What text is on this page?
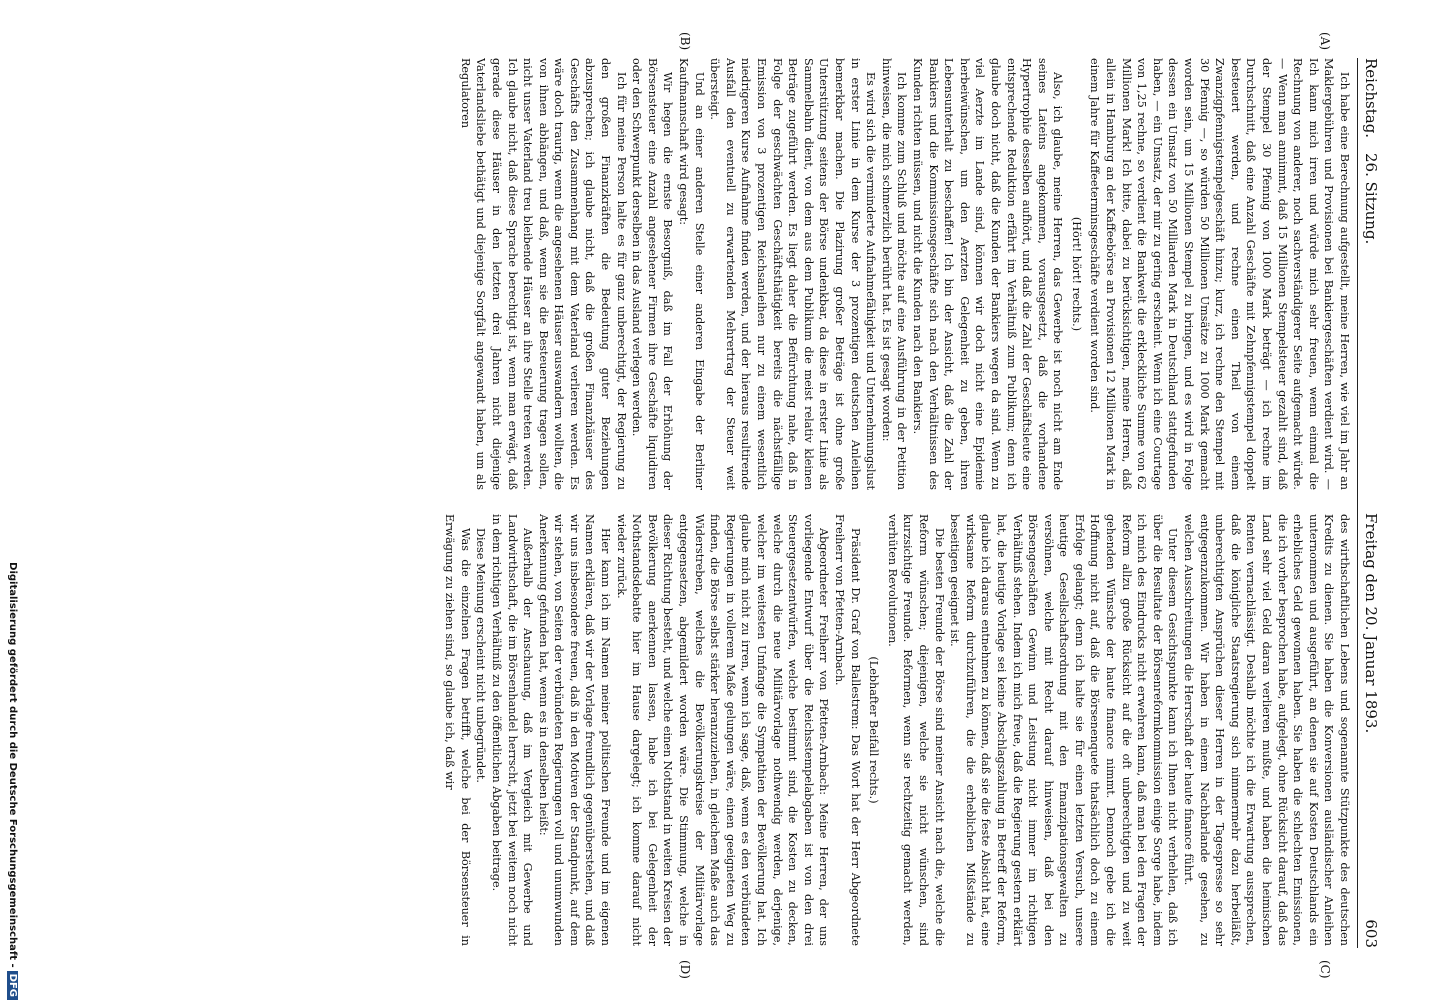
Reichstag.
26. Sitzung.
Freitag den 20. Januar 1893.
603
(A)
(B)
(C)
(D)

Ich habe eine Berechnung aufgestellt, meine Herren, wie viel im Jahr an Maklergebühren und Provisionen bei Bankiergeschäften verdient wird. — Ich kann mich irren und würde mich sehr freuen, wenn einmal die Rechnung von anderer, noch sachverständigerer Seite aufgemacht würde. — Wenn man annimmt, daß 15 Millionen Stempelsteuer gezahlt sind, daß der Stempel 30 Pfennig von 1000 Mark beträgt — ich rechne im Durchschnitt, daß eine Anzahl Geschäfte mit Zehnpfennigstempel doppelt besteuert werden, und rechne einen Theil von einem Zwanzigpfennigstempelgeschäft hinzu; kurz, ich rechne den Stempel mit 30 Pfennig —, so würden 50 Millionen Umsätze zu 1000 Mark gemacht worden sein, um 15 Millionen Stempel zu bringen, und es wird in Folge dessen ein Umsatz von 50 Milliarden Mark in Deutschland stattgefunden haben, — ein Umsatz, der mir zu gering erscheint. Wenn ich eine Courtage von 1,25 rechne, so verdient die Bankwelt die erkleckliche Summe von 62 Millionen Mark! Ich bitte, dabei zu berücksichtigen, meine Herren, daß allein in Hamburg an der Kaffeebörse an Provisionen 12 Millionen Mark in einem Jahre für Kaffeeterminsgeschäfte verdient worden sind.

(Hört! hört! rechts.)

Also, ich glaube, meine Herren, das Gewerbe ist noch nicht am Ende seines Lateins angekommen, vorausgesetzt, daß die vorhandene Hypertrophie desselben aufhört, und daß die Zahl der Geschäftsleute eine entsprechende Reduktion erfährt im Verhältniß zum Publikum; denn ich glaube doch nicht, daß die Kunden der Bankiers wegen da sind. Wenn zu viel Aerzte im Lande sind, können wir doch nicht eine Epidemie herbeiwünschen, um den Aerzten Gelegenheit zu geben, ihren Lebensunterhalt zu beschaffen! Ich bin der Ansicht, daß die Zahl der Bankiers und die Kommissionsgeschäfte sich nach den Verhältnissen des Kunden richten müssen, und nicht die Kunden nach den Bankiers.

Ich komme zum Schluß und möchte auf eine Ausführung in der Petition hinweisen, die mich schmerzlich berührt hat. Es ist gesagt worden:

Es wird sich die verminderte Aufnahmefähigkeit und Unternehmungslust in erster Linie in dem Kurse der 3 prozentigen deutschen Anleihen bemerkbar machen. Die Plazirung großer Beträge ist ohne große Unterstützung seitens der Börse undenkbar, da diese in erster Linie als Sammelbahn dient, von dem aus dem Publikum die meist relativ kleinen Beträge zugeführt werden. Es liegt daher die Befürchtung nahe, daß in Folge der geschwächten Geschäftsthätigkeit bereits die nächstfällige Emission von 3 prozentigen Reichsanleihen nur zu einem wesentlich niedrigeren Kurse Aufnahme finden werden, und der hieraus resultirende Ausfall den eventuell zu erwartenden Mehrertrag der Steuer weit übersteigt.

Und an einer anderen Stelle einer anderen Eingabe der Berliner Kaufmannschaft wird gesagt:

Wir hegen die ernste Besorgniß, daß im Fall der Erhöhung der Börsensteuer eine Anzahl angesehener Firmen ihre Geschäfte liquidiren oder den Schwerpunkt derselben in das Ausland verlegen werden.

Ich für meine Person halte es für ganz unberechtigt, der Regierung zu den großen Finanzkräften die Bedeutung guter Beziehungen abzusprechen; ich glaube nicht, daß die großen Finanzhäuser des Geschäfts den Zusammenhang mit dem Vaterland verlieren werden. Es wäre doch traurig, wenn die angesehenen Häuser auswandern wollten, die von ihnen abhängen, und daß, wenn sie die Besteuerung tragen sollen, nicht unser Vaterland treu bleibende Häuser an ihre Stelle treten werden. Ich glaube nicht, daß diese Sprache berechtigt ist, wenn man erwägt, daß gerade diese Häuser in den letzten drei Jahren nicht diejenige Vaterlandsliebe bethätigt und diejenige Sorgfalt angewandt haben, um als Regulatoren

des wirthschaftlichen Lebens und sogenannte Stützpunkte des deutschen Kredits zu dienen. Sie haben die Konversionen ausländischer Anleihen unternommen und ausgeführt, an denen sie auf Kosten Deutschlands ein erhebliches Geld gewonnen haben. Sie haben die schlechten Emissionen, die ich vorher besprochen habe, aufgelegt, ohne Rücksicht darauf, daß das Land sehr viel Geld daran verlieren mußte, und haben die heimischen Renten vernachlässigt. Deshalb möchte ich die Erwartung aussprechen, daß die königliche Staatsregierung sich nimmermehr dazu herbeiläßt, unberechtigten Ansprüchen dieser Herren in der Tagespresse so sehr entgegenzukommen. Wir haben in einem Nachbarlande gesehen, zu welchen Ausschreitungen die Herrschaft der haute finance führt.

Unter diesem Gesichtspunkte kann ich Ihnen nicht verhehlen, daß ich über die Resultate der Börsenreformkommission einige Sorge habe, indem ich mich des Eindrucks nicht erwehren kann, daß man bei den Fragen der Reform allzu große Rücksicht auf die oft unberechtigten und zu weit gehenden Wünsche der haute finance nimmt. Dennoch gebe ich die Hoffnung nicht auf, daß die Börsenenquete thatsächlich doch zu einem Erfolge gelangt; denn ich halte sie für einen letzten Versuch, unsere heutige Gesellschaftsordnung mit den Emanzipationsgewalten zu versöhnen, welche mit Recht darauf hinweisen, daß bei den Börsengeschäften Gewinn und Leistung nicht immer im richtigen Verhältniß stehen. Indem ich mich freue, daß die Regierung gestern erklärt hat, die heutige Vorlage sei keine Abschlagszahlung in Betreff der Reform, glaube ich daraus entnehmen zu können, daß sie die feste Absicht hat, eine wirksame Reform durchzuführen, die die erheblichen Mißstände zu beseitigen geeignet ist.

Die besten Freunde der Börse sind meiner Ansicht nach die, welche die Reform wünschen; diejenigen, welche sie nicht wünschen, sind kurzsichtige Freunde. Reformen, wenn sie rechtzeitig gemacht werden, verhüten Revolutionen.

(Lebhafter Beifall rechts.)

Präsident Dr. Graf von Ballestrem: Das Wort hat der Herr Abgeordnete Freiherr von Pfetten-Arnbach.

Abgeordneter Freiherr von Pfetten-Arnbach: Meine Herren, der uns vorliegende Entwurf über die Reichsstempelabgaben ist von den drei Steuergesetzentwürfen, welche bestimmt sind, die Kosten zu decken, welche durch die neue Militärvorlage nothwendig werden, derjenige, welcher im weitesten Umfange die Sympathien der Bevölkerung hat. Ich glaube mich nicht zu irren, wenn ich sage, daß, wenn es den verbündeten Regierungen in vollerem Maße gelungen wäre, einen geeigneten Weg zu finden, die Börse selbst stärker heranzuziehen, in gleichem Maße auch das Widerstreben, welches die Bevölkerungskreise der Militärvorlage entgegensetzen, abgemildert worden wäre. Die Stimmung, welche in dieser Richtung besteht, und welche einen Nothstand in weiten Kreisen der Bevölkerung anerkennen lassen, habe ich bei Gelegenheit der Nothstandsdebatte hier im Hause dargelegt; ich komme darauf nicht wieder zurück.

Hier kann ich im Namen meiner politischen Freunde und im eigenen Namen erklären, daß wir der Vorlage freundlich gegenüberstehen, und daß wir uns insbesondere freuen, daß in den Motiven der Standpunkt, auf dem wir stehen, von Seiten der verbündeten Regierungen voll und unumwunden Anerkennung gefunden hat, wenn es in denselben heißt:

Außerhalb der Anschauung, daß im Vergleich mit Gewerbe und Landwirthschaft, die im Börsenhandel herrscht, jetzt bei weitem noch nicht in dem richtigen Verhältniß zu den öffentlichen Abgaben beitrage.

Diese Meinung erscheint nicht unbegründet.

Was die einzelnen Fragen betrifft, welche bei der Börsensteuer in Erwägung zu ziehen sind, so glaube ich, daß wir

Digitalisierung gefördert durch die Deutsche Forschungsgemeinschaft -DFG
